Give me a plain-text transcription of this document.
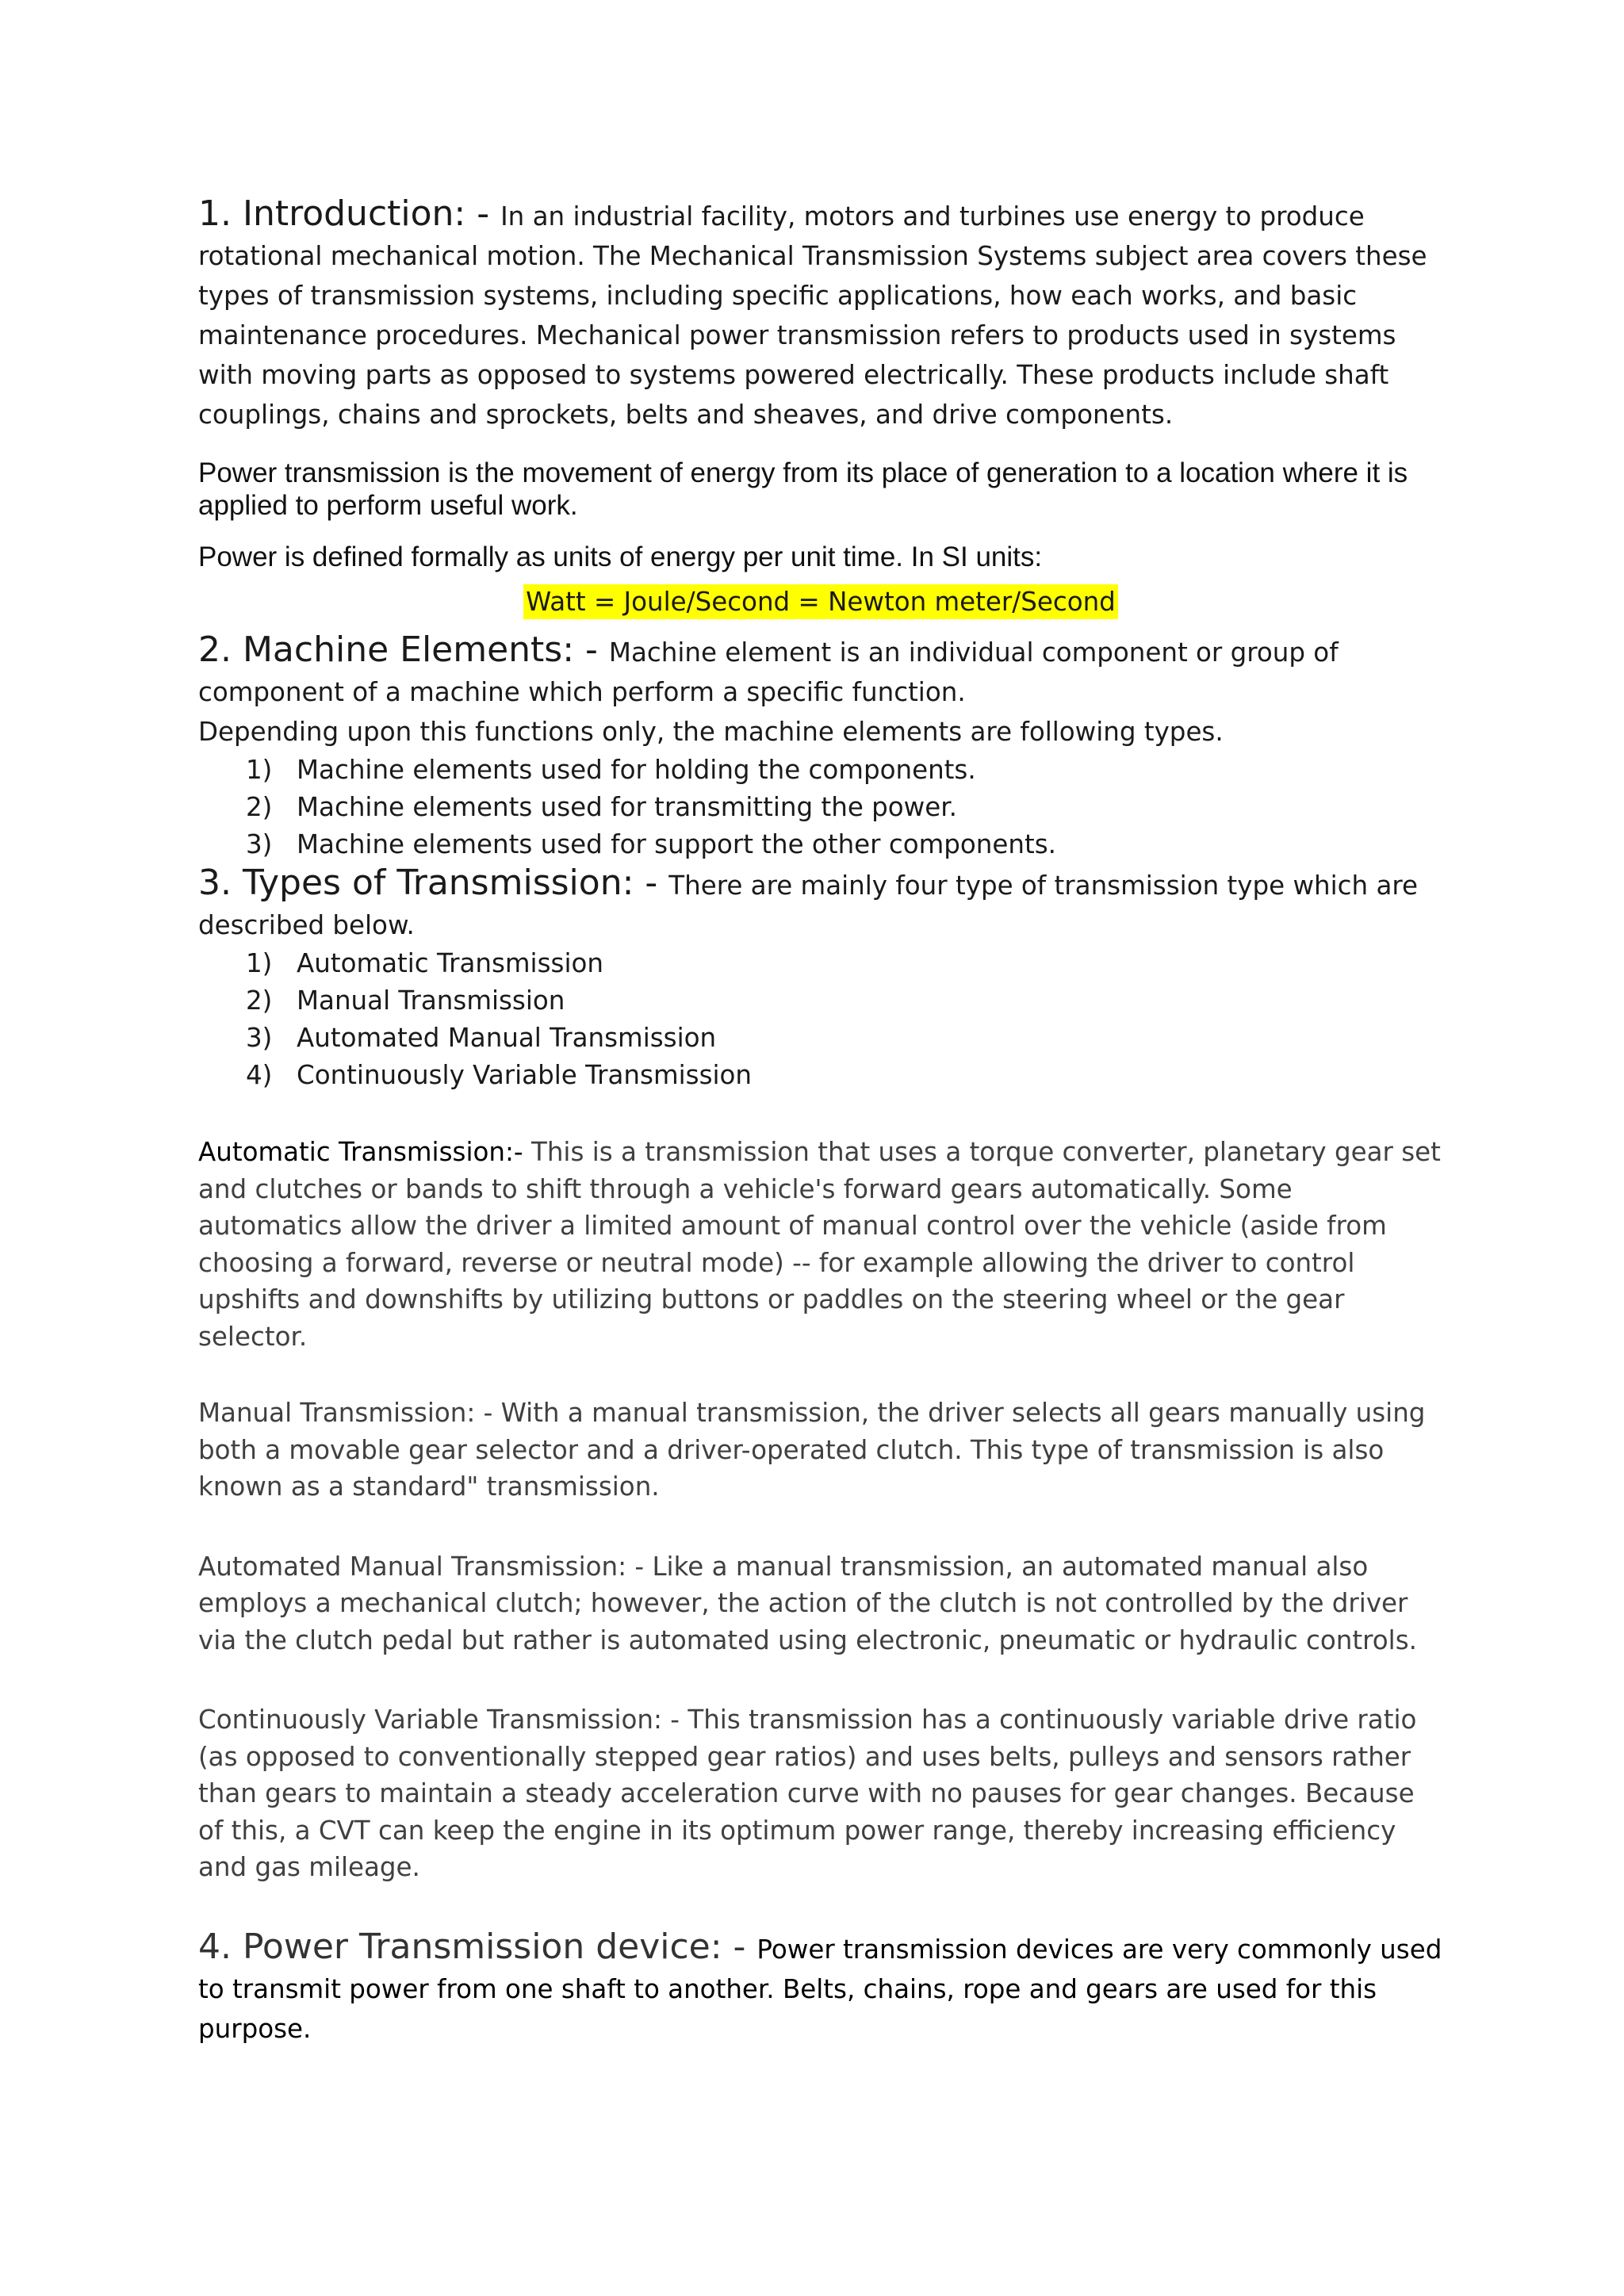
1. Introduction: - In an industrial facility, motors and turbines use energy to produce rotational mechanical motion. The Mechanical Transmission Systems subject area covers these types of transmission systems, including specific applications, how each works, and basic maintenance procedures. Mechanical power transmission refers to products used in systems with moving parts as opposed to systems powered electrically. These products include shaft couplings, chains and sprockets, belts and sheaves, and drive components.

Power transmission is the movement of energy from its place of generation to a location where it is applied to perform useful work.

Power is defined formally as units of energy per unit time. In SI units:

Watt = Joule/Second = Newton meter/Second

2. Machine Elements: - Machine element is an individual component or group of component of a machine which perform a specific function.

Depending upon this functions only, the machine elements are following types.

1) Machine elements used for holding the components.
2) Machine elements used for transmitting the power.
3) Machine elements used for support the other components.

3. Types of Transmission: - There are mainly four type of transmission type which are described below.

1) Automatic Transmission
2) Manual Transmission
3) Automated Manual Transmission
4) Continuously Variable Transmission

Automatic Transmission:- This is a transmission that uses a torque converter, planetary gear set and clutches or bands to shift through a vehicle's forward gears automatically. Some automatics allow the driver a limited amount of manual control over the vehicle (aside from choosing a forward, reverse or neutral mode) -- for example allowing the driver to control upshifts and downshifts by utilizing buttons or paddles on the steering wheel or the gear selector.

Manual Transmission: - With a manual transmission, the driver selects all gears manually using both a movable gear selector and a driver-operated clutch. This type of transmission is also known as a standard" transmission.

Automated Manual Transmission: - Like a manual transmission, an automated manual also employs a mechanical clutch; however, the action of the clutch is not controlled by the driver via the clutch pedal but rather is automated using electronic, pneumatic or hydraulic controls.

Continuously Variable Transmission: - This transmission has a continuously variable drive ratio (as opposed to conventionally stepped gear ratios) and uses belts, pulleys and sensors rather than gears to maintain a steady acceleration curve with no pauses for gear changes. Because of this, a CVT can keep the engine in its optimum power range, thereby increasing efficiency and gas mileage.

4. Power Transmission device: - Power transmission devices are very commonly used to transmit power from one shaft to another. Belts, chains, rope and gears are used for this purpose.
